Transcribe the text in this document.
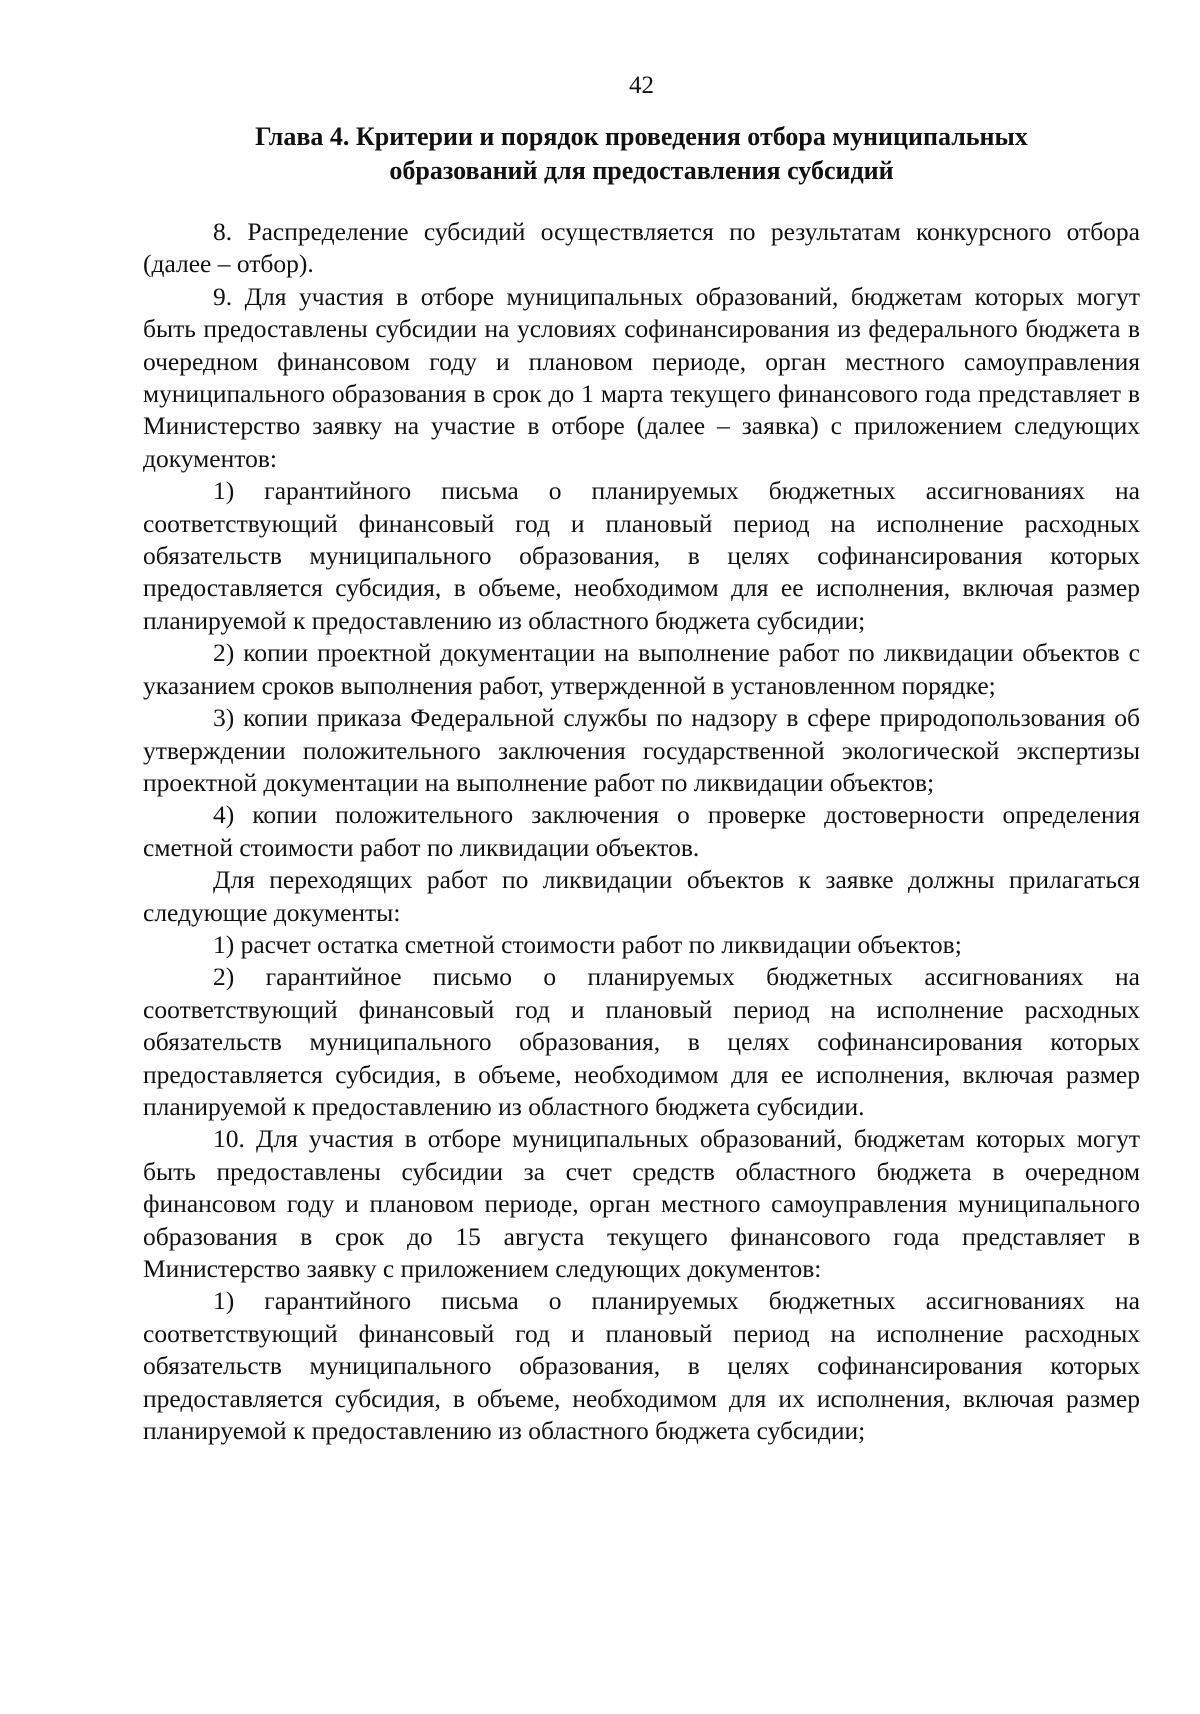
42
Глава 4. Критерии и порядок проведения отбора муниципальных
образований для предоставления субсидий

8. Распределение субсидий осуществляется по результатам конкурсного отбора (далее – отбор).

9. Для участия в отборе муниципальных образований, бюджетам которых могут быть предоставлены субсидии на условиях софинансирования из федерального бюджета в очередном финансовом году и плановом периоде, орган местного самоуправления муниципального образования в срок до 1 марта текущего финансового года представляет в Министерство заявку на участие в отборе (далее – заявка) с приложением следующих документов:

1) гарантийного письма о планируемых бюджетных ассигнованиях на соответствующий финансовый год и плановый период на исполнение расходных обязательств муниципального образования, в целях софинансирования которых предоставляется субсидия, в объеме, необходимом для ее исполнения, включая размер планируемой к предоставлению из областного бюджета субсидии;

2) копии проектной документации на выполнение работ по ликвидации объектов с указанием сроков выполнения работ, утвержденной в установленном порядке;

3) копии приказа Федеральной службы по надзору в сфере природопользования об утверждении положительного заключения государственной экологической экспертизы проектной документации на выполнение работ по ликвидации объектов;

4) копии положительного заключения о проверке достоверности определения сметной стоимости работ по ликвидации объектов.

Для переходящих работ по ликвидации объектов к заявке должны прилагаться следующие документы:

1) расчет остатка сметной стоимости работ по ликвидации объектов;

2) гарантийное письмо о планируемых бюджетных ассигнованиях на соответствующий финансовый год и плановый период на исполнение расходных обязательств муниципального образования, в целях софинансирования которых предоставляется субсидия, в объеме, необходимом для ее исполнения, включая размер планируемой к предоставлению из областного бюджета субсидии.

10. Для участия в отборе муниципальных образований, бюджетам которых могут быть предоставлены субсидии за счет средств областного бюджета в очередном финансовом году и плановом периоде, орган местного самоуправления муниципального образования в срок до 15 августа текущего финансового года представляет в Министерство заявку с приложением следующих документов:

1) гарантийного письма о планируемых бюджетных ассигнованиях на соответствующий финансовый год и плановый период на исполнение расходных обязательств муниципального образования, в целях софинансирования которых предоставляется субсидия, в объеме, необходимом для их исполнения, включая размер планируемой к предоставлению из областного бюджета субсидии;
